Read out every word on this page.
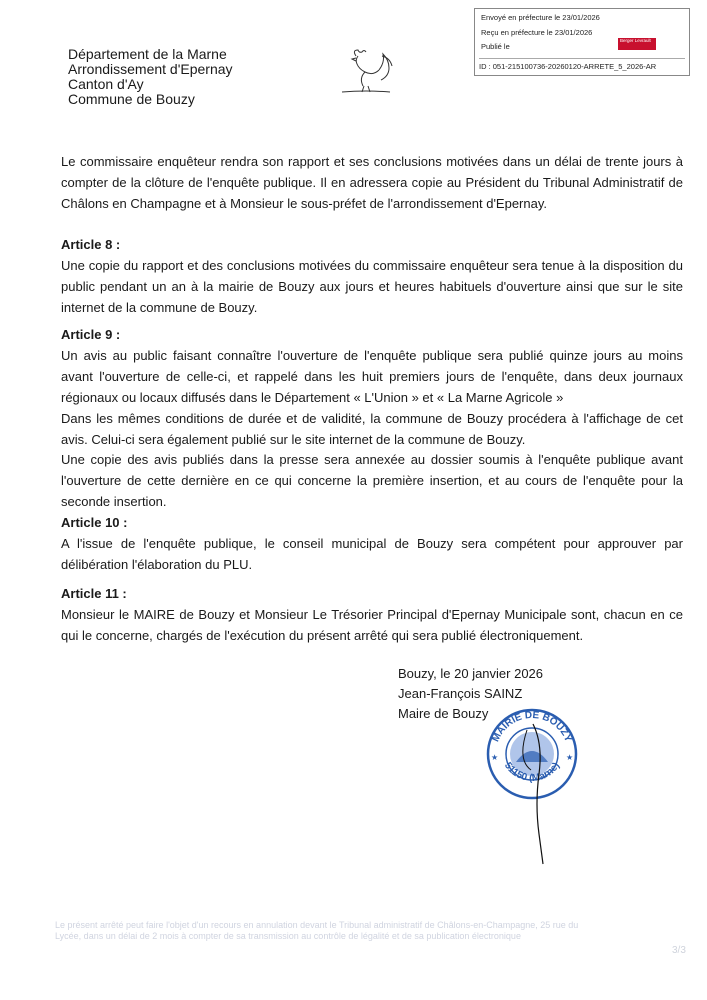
Département de la Marne
Arrondissement d'Epernay
Canton d'Ay
Commune de Bouzy
Envoyé en préfecture le 23/01/2026
Reçu en préfecture le 23/01/2026
Publié le
ID : 051-215100736-20260120-ARRETE_5_2026-AR
Berger Levrault

Le commissaire enquêteur rendra son rapport et ses conclusions motivées dans un délai de trente jours à compter de la clôture de l'enquête publique. Il en adressera copie au Président du Tribunal Administratif de Châlons en Champagne et à Monsieur le sous-préfet de l'arrondissement d'Epernay.

Article 8 :

Une copie du rapport et des conclusions motivées du commissaire enquêteur sera tenue à la disposition du public pendant un an à la mairie de Bouzy aux jours et heures habituels d'ouverture ainsi que sur le site internet de la commune de Bouzy.

Article 9 :

Un avis au public faisant connaître l'ouverture de l'enquête publique sera publié quinze jours au moins avant l'ouverture de celle-ci, et rappelé dans les huit premiers jours de l'enquête, dans deux journaux régionaux ou locaux diffusés dans le Département « L'Union » et « La Marne Agricole »

Dans les mêmes conditions de durée et de validité, la commune de Bouzy procédera à l'affichage de cet avis. Celui-ci sera également publié sur le site internet de la commune de Bouzy.

Une copie des avis publiés dans la presse sera annexée au dossier soumis à l'enquête publique avant l'ouverture de cette dernière en ce qui concerne la première insertion, et au cours de l'enquête pour la seconde insertion.

Article 10 :

A l'issue de l'enquête publique, le conseil municipal de Bouzy sera compétent pour approuver par délibération l'élaboration du PLU.

Article 11 :

Monsieur le MAIRE de Bouzy et Monsieur Le Trésorier Principal d'Epernay Municipale sont, chacun en ce qui le concerne, chargés de l'exécution du présent arrêté qui sera publié électroniquement.

Bouzy, le 20 janvier 2026
Jean-François SAINZ
Maire de Bouzy
★	★
MAIRIE DE BOUZY
51150 (Marne)
Le présent arrêté peut faire l'objet d'un recours en annulation devant le Tribunal administratif de Châlons-en-Champagne, 25 rue du
Lycée, dans un délai de 2 mois à compter de sa transmission au contrôle de légalité et de sa publication électronique
3/3
